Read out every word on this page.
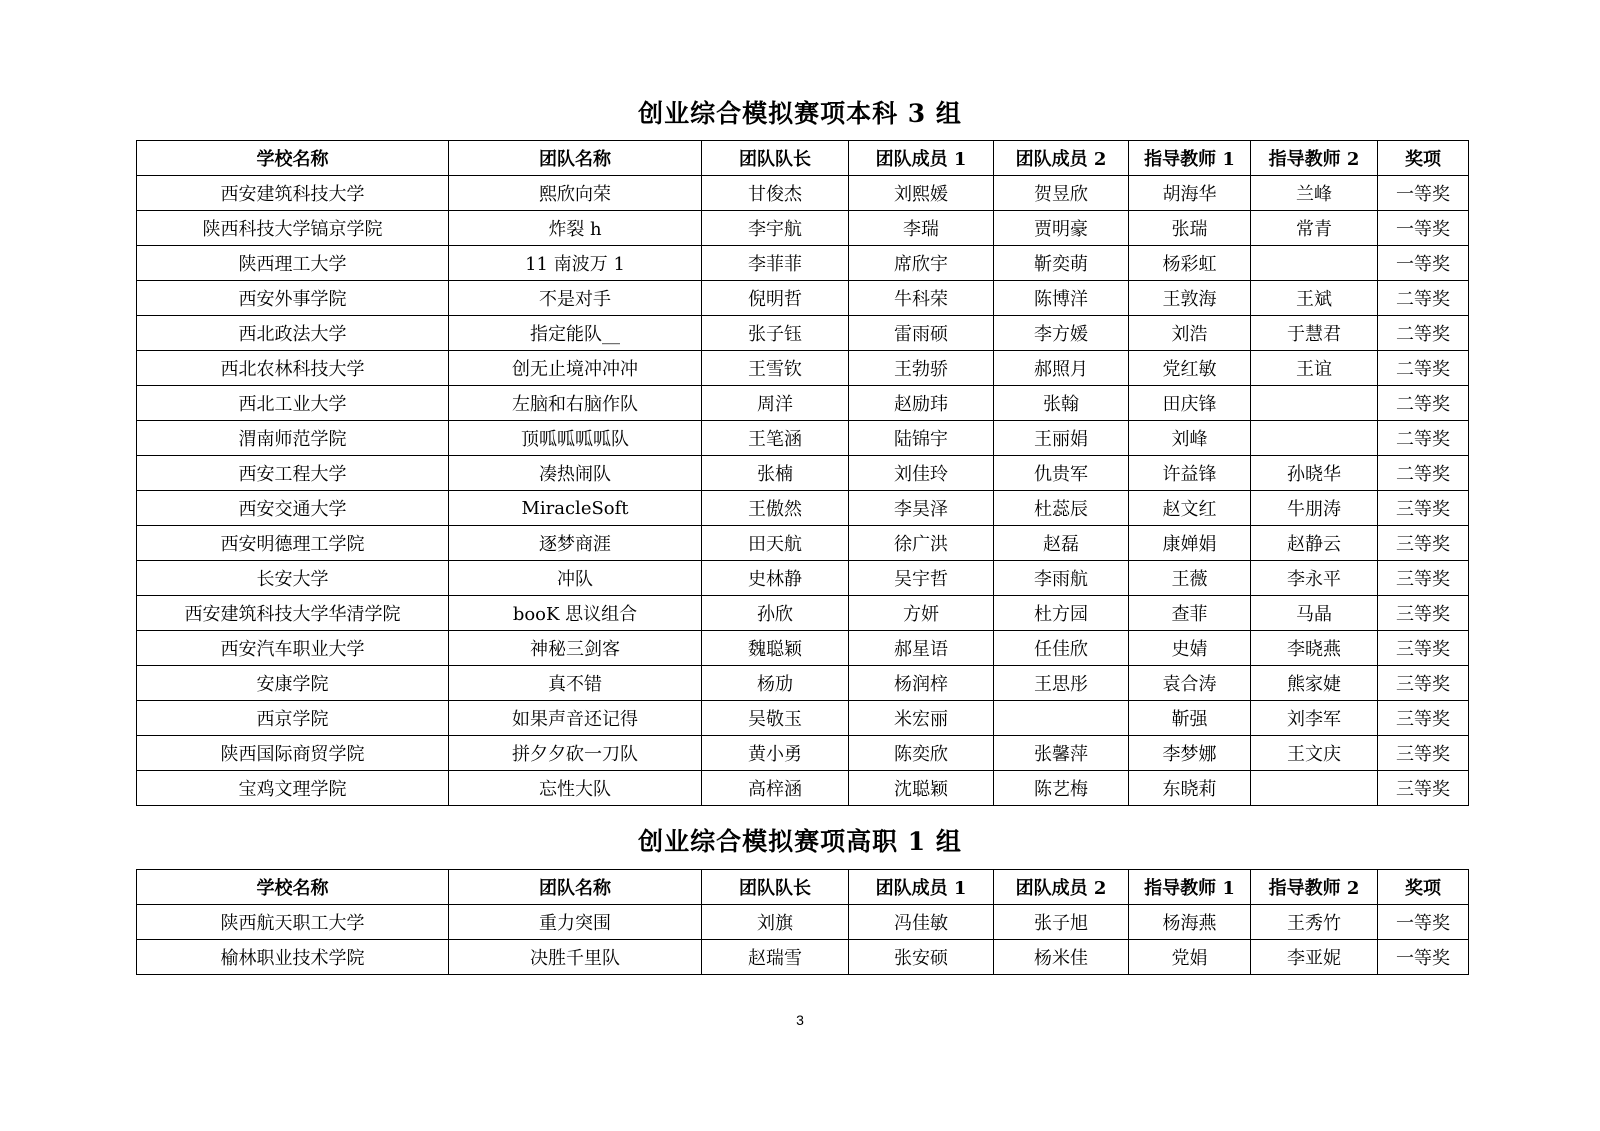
创业综合模拟赛项本科 3 组
学校名称	团队名称	团队队长	团队成员 1	团队成员 2	指导教师 1	指导教师 2	奖项
西安建筑科技大学	熙欣向荣	甘俊杰	刘熙媛	贺昱欣	胡海华	兰峰	一等奖
陕西科技大学镐京学院	炸裂 h	李宇航	李瑞	贾明豪	张瑞	常青	一等奖
陕西理工大学	11 南波万 1	李菲菲	席欣宇	靳奕萌	杨彩虹		一等奖
西安外事学院	不是对手	倪明哲	牛科荣	陈博洋	王敦海	王斌	二等奖
西北政法大学	指定能队__	张子钰	雷雨硕	李方媛	刘浩	于慧君	二等奖
西北农林科技大学	创无止境冲冲冲	王雪钦	王勃骄	郝照月	党红敏	王谊	二等奖
西北工业大学	左脑和右脑作队	周洋	赵励玮	张翰	田庆锋		二等奖
渭南师范学院	顶呱呱呱呱队	王笔涵	陆锦宇	王丽娟	刘峰		二等奖
西安工程大学	凑热闹队	张楠	刘佳玲	仇贵军	许益锋	孙晓华	二等奖
西安交通大学	MiracleSoft	王傲然	李昊泽	杜蕊辰	赵文红	牛朋涛	三等奖
西安明德理工学院	逐梦商涯	田天航	徐广洪	赵磊	康婵娟	赵静云	三等奖
长安大学	冲队	史林静	吴宇哲	李雨航	王薇	李永平	三等奖
西安建筑科技大学华清学院	booK 思议组合	孙欣	方妍	杜方园	查菲	马晶	三等奖
西安汽车职业大学	神秘三剑客	魏聪颖	郝星语	任佳欣	史婧	李晓燕	三等奖
安康学院	真不错	杨劢	杨润梓	王思彤	袁合涛	熊家婕	三等奖
西京学院	如果声音还记得	吴敬玉	米宏丽		靳强	刘李军	三等奖
陕西国际商贸学院	拼夕夕砍一刀队	黄小勇	陈奕欣	张馨萍	李梦娜	王文庆	三等奖
宝鸡文理学院	忘性大队	高梓涵	沈聪颖	陈艺梅	东晓莉		三等奖
创业综合模拟赛项高职 1 组
学校名称	团队名称	团队队长	团队成员 1	团队成员 2	指导教师 1	指导教师 2	奖项
陕西航天职工大学	重力突围	刘旗	冯佳敏	张子旭	杨海燕	王秀竹	一等奖
榆林职业技术学院	决胜千里队	赵瑞雪	张安硕	杨米佳	党娟	李亚妮	一等奖
3
